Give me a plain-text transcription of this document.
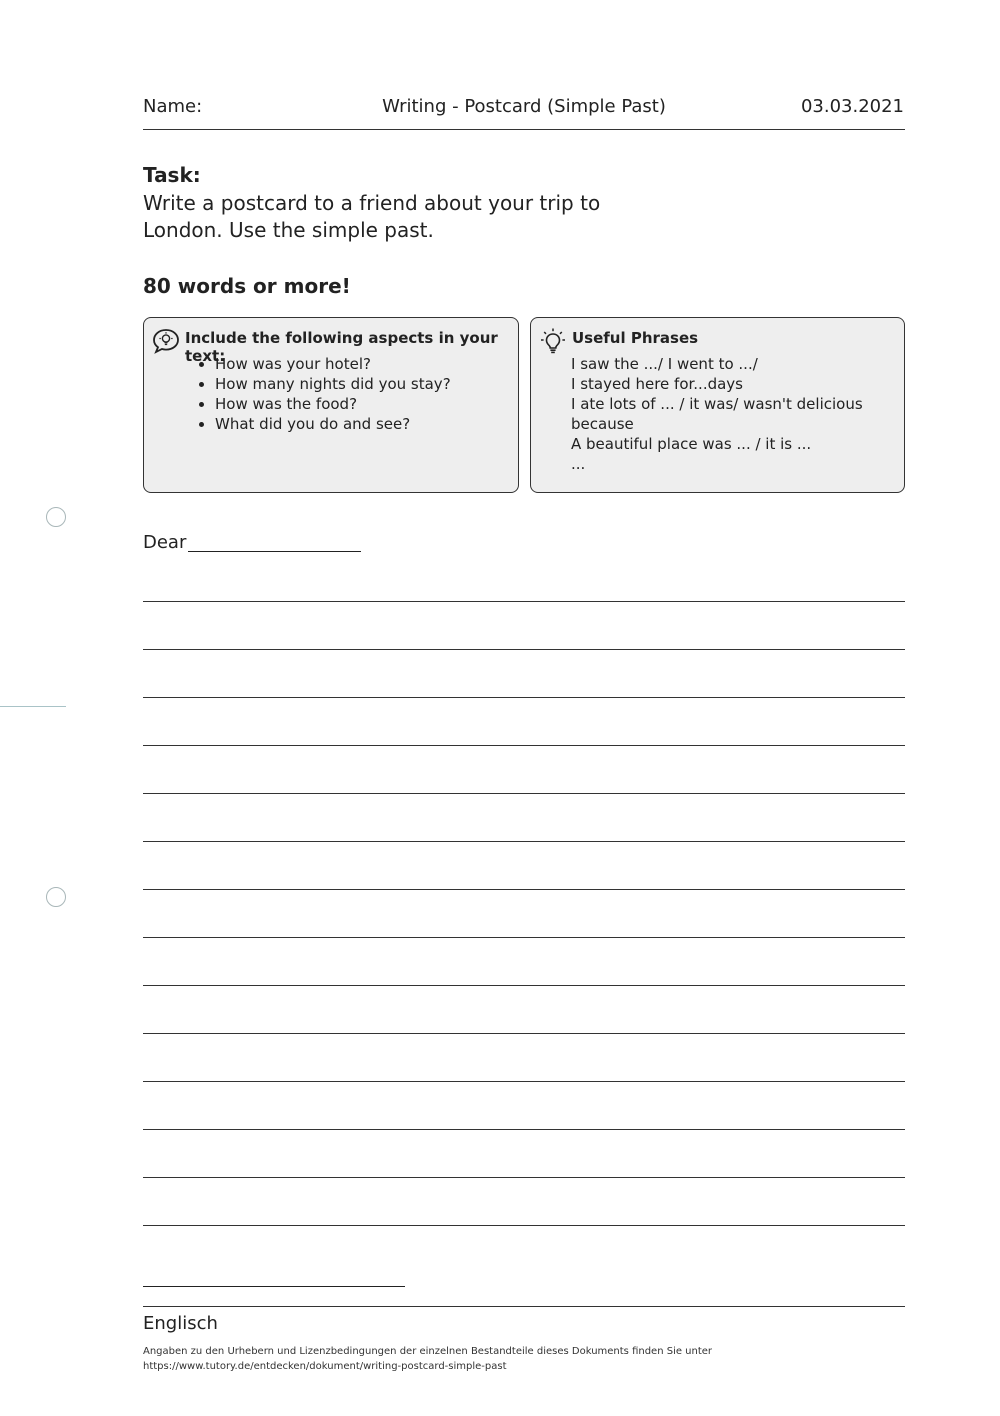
Name:	Writing - Postcard (Simple Past)	03.03.2021
Task:
Write a postcard to a friend about your trip to London. Use the simple past.
80 words or more!
Include the following aspects in your text:
• How was your hotel?
• How many nights did you stay?
• How was the food?
• What did you do and see?
Useful Phrases
I saw the .../ I went to .../
I stayed here for...days
I ate lots of ... / it was/ wasn't delicious
because
A beautiful place was ... / it is ...
...
Dear
Englisch
Angaben zu den Urhebern und Lizenzbedingungen der einzelnen Bestandteile dieses Dokuments finden Sie unter
https://www.tutory.de/entdecken/dokument/writing-postcard-simple-past
